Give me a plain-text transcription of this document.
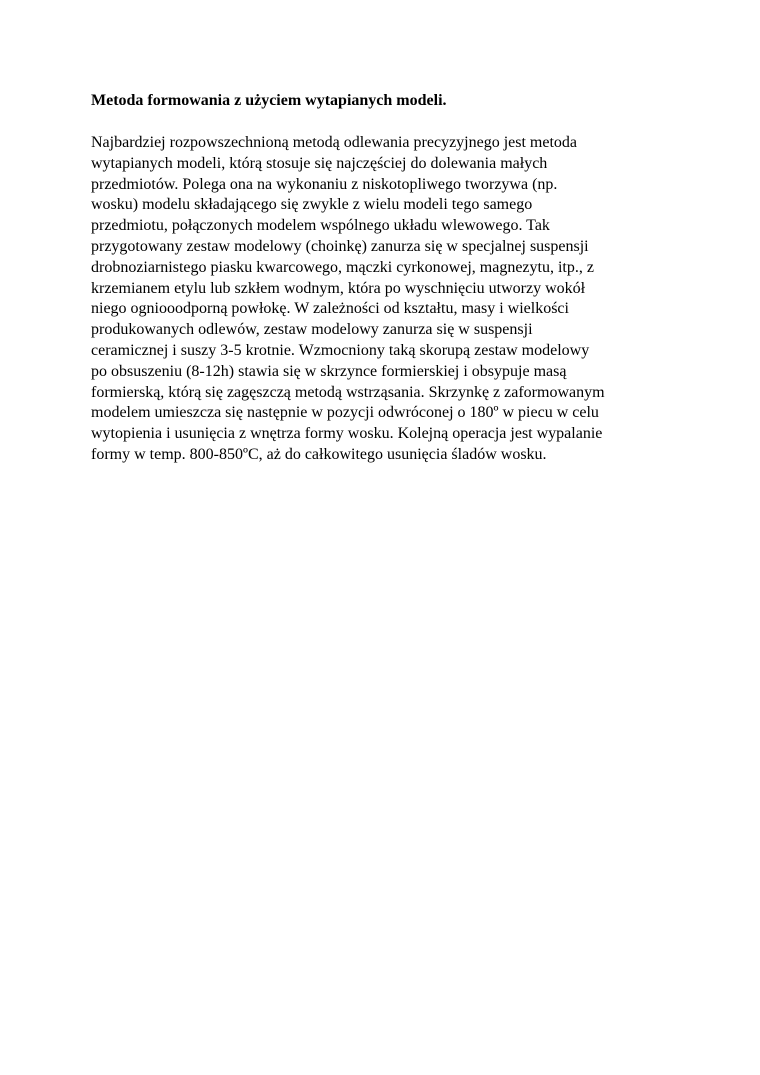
Metoda formowania z użyciem wytapianych modeli.
Najbardziej rozpowszechnioną metodą odlewania precyzyjnego jest metoda
wytapianych modeli, którą stosuje się najczęściej do dolewania małych
przedmiotów. Polega ona na wykonaniu z niskotopliwego tworzywa (np.
wosku) modelu składającego się zwykle z wielu modeli tego samego
przedmiotu, połączonych modelem wspólnego układu wlewowego. Tak
przygotowany zestaw modelowy (choinkę) zanurza się w specjalnej suspensji
drobnoziarnistego piasku kwarcowego, mączki cyrkonowej, magnezytu, itp., z
krzemianem etylu lub szkłem wodnym, która po wyschnięciu utworzy wokół
niego ogniooodporną powłokę. W zależności od kształtu, masy i wielkości
produkowanych odlewów, zestaw modelowy zanurza się w suspensji
ceramicznej i suszy 3-5 krotnie. Wzmocniony taką skorupą zestaw modelowy
po obsuszeniu (8-12h) stawia się w skrzynce formierskiej i obsypuje masą
formierską, którą się zagęszczą metodą wstrząsania. Skrzynkę z zaformowanym
modelem umieszcza się następnie w pozycji odwróconej o 180º w piecu w celu
wytopienia i usunięcia z wnętrza formy wosku. Kolejną operacja jest wypalanie
formy w temp. 800-850ºC, aż do całkowitego usunięcia śladów wosku.
